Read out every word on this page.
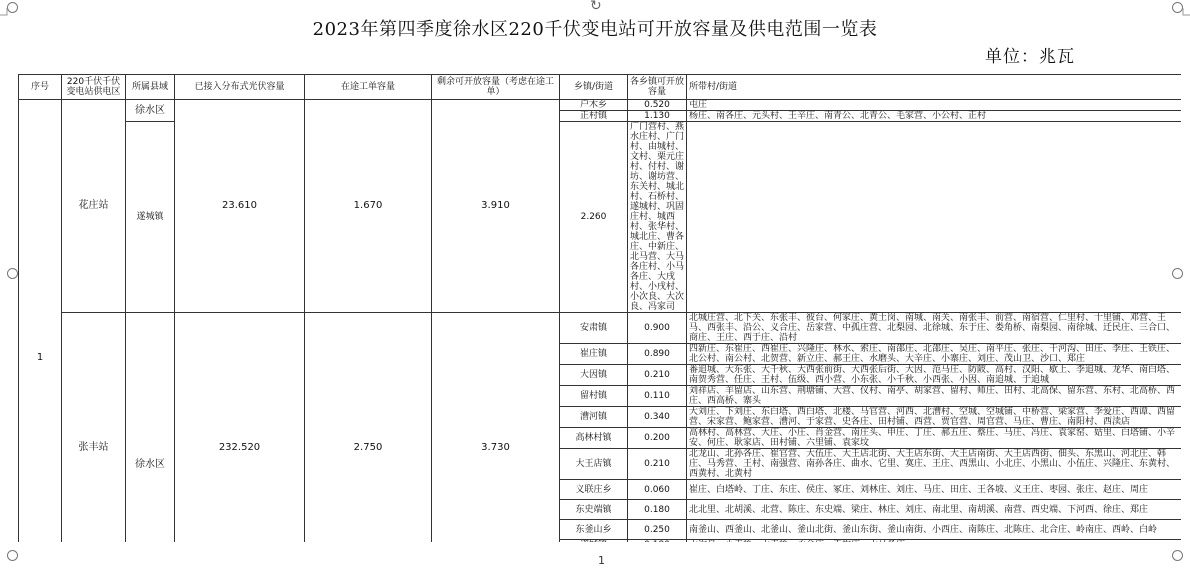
↻
2023年第四季度徐水区220千伏变电站可开放容量及供电范围一览表
单位：兆瓦
序号	220千伏千伏变电站供电区	所属县域	已接入分布式光伏容量	在途工单容量	剩余可开放容量（考虑在途工单）	乡镇/街道	各乡镇可开放容量	所带村/街道
1	花庄站	徐水区	23.610	1.670	3.910	户木乡	0.520	屯庄
						正村镇	1.130	杨庄、南各庄、元头村、王辛庄、南青公、北青公、毛家营、小公村、正村
		遂城镇				2.260	广门营村、燕水庄村、广门村、由城村、文村、栗元庄村、付村、谢坊、谢坊营、东关村、城北村、石桥村、遂城村、巩固庄村、城西村、张华村、城北庄、曹各庄、中新庄、北马营、大马各庄村、小马各庄、大戌村、小戌村、小次良、大次良、冯家司	
	张丰站	徐水区	232.520	2.750	3.730	安肃镇	0.900	北城庄营、北下关、东张丰、彼台、何家庄、黄土岗、南城、南关、南张丰、前营、南宿营、仁里村、十里铺、邓营、王马、西张丰、沿公、义合庄、岳家营、中孤庄营、北梨园、北徐城、东于庄、娄角桥、南梨园、南徐城、迁民庄、三合口、商庄、王庄、西于庄、沿村
						崔庄镇	0.890	四新庄、东崔庄、西崔庄、兴隆庄、林水、索庄、南邵庄、北邵庄、吴庄、南平庄、张庄、干河沟、田庄、李庄、王铁庄、北公村、南公村、北贺营、新立庄、郝王庄、水磨头、大辛庄、小寨庄、刘庄、茂山卫、沙口、郑庄
						大因镇	0.210	番追城、大东张、大千秋、大西张前街、大西张后街、大因、范马庄、防陂、高村、汉阳、歇上、李追城、龙华、南白塔、南贺秀营、任庄、王村、伍级、西小营、小东张、小千秋、小西张、小因、南追城、于追城
						留村镇	0.110	刘祥店、羊留店、山东营、荆塘铺、大营、仪村、南亭、胡家营、留村、师庄、田村、北高保、留东营、东村、北高桥、西庄、西高桥、寨头
						漕河镇	0.340	大刘庄、下刘庄、东白塔、西白塔、北楼、马官营、河西、北漕村、空城、空城铺、中桥营、梁家营、李爱庄、西谭、西留营、宋家营、鲍家营、漕河、于家营、史各庄、田村铺、西营、贾官营、周官营、马庄、曹庄、南阳村、西渎店
						高林村镇	0.200	高林村、高林营、大庄、小庄、肖金营、南庄头、申庄、丁庄、郝五庄、蔡庄、马庄、冯庄、袁家窑、姑里、白塔铺、小辛安、何庄、耿家店、田村铺、六里铺、袁家坟
						大王店镇	0.210	北龙山、北孙各庄、崔官营、大伍庄、大王店北街、大王店东街、大王店南街、大王店西街、佃头、东黑山、河北庄、韩庄、马秀营、王村、南强营、南孙各庄、曲水、它里、寞庄、王庄、西黑山、小北庄、小黑山、小伍庄、兴隆庄、东黄村、西黄村、北黄村
						义联庄乡	0.060	崔庄、白塔岭、丁庄、东庄、侯庄、冢庄、刘林庄、刘庄、马庄、田庄、王各坡、义王庄、枣园、张庄、赵庄、周庄
						东史端镇	0.180	北北里、北胡溪、北营、陈庄、东史端、梁庄、林庄、刘庄、南北里、南胡溪、南营、西史端、下河西、徐庄、郑庄
						东釜山乡	0.250	南釜山、西釜山、北釜山、釜山北街、釜山东街、釜山南街、小西庄、南陈庄、北陈庄、北合庄、岭南庄、西岭、白岭

1
